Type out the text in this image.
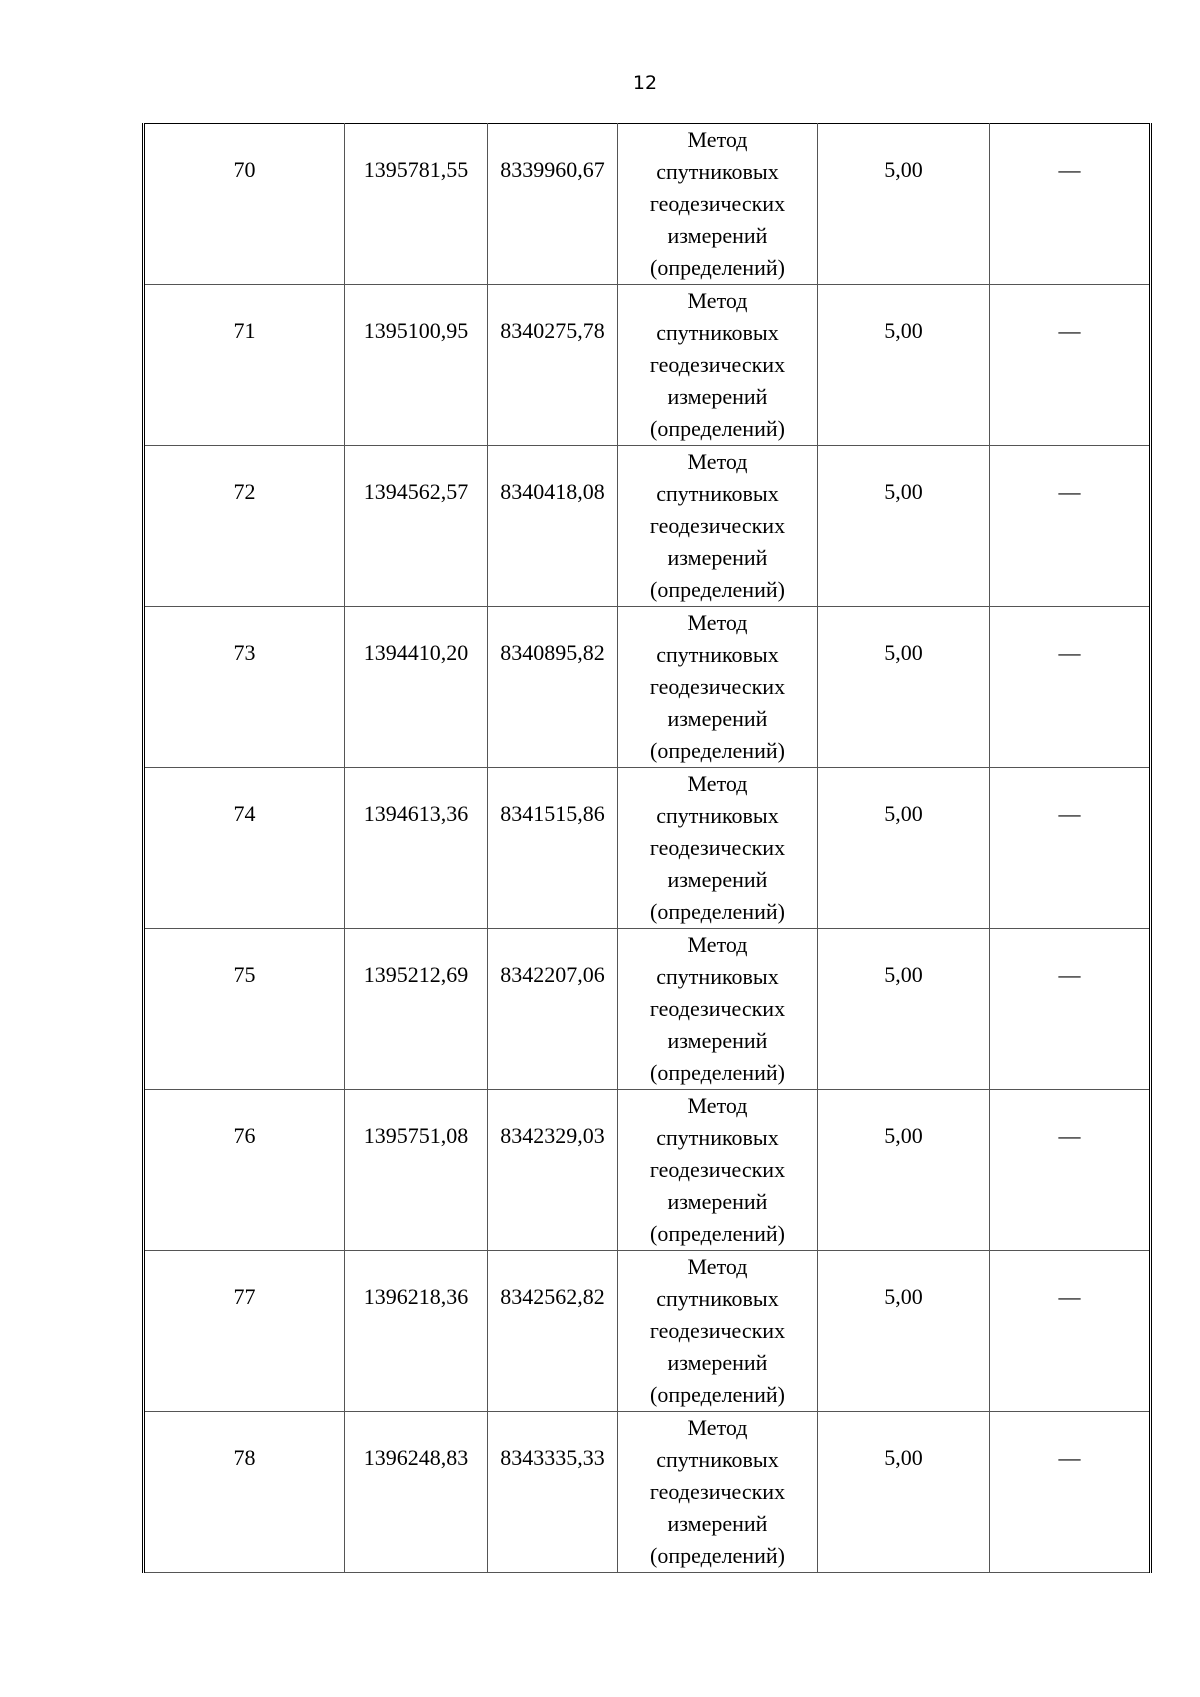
12
70	1395781,55	8339960,67	Метод
спутниковых
геодезических
измерений
(определений)	5,00	—

71	1395100,95	8340275,78	Метод
спутниковых
геодезических
измерений
(определений)	5,00	—

72	1394562,57	8340418,08	Метод
спутниковых
геодезических
измерений
(определений)	5,00	—

73	1394410,20	8340895,82	Метод
спутниковых
геодезических
измерений
(определений)	5,00	—

74	1394613,36	8341515,86	Метод
спутниковых
геодезических
измерений
(определений)	5,00	—

75	1395212,69	8342207,06	Метод
спутниковых
геодезических
измерений
(определений)	5,00	—

76	1395751,08	8342329,03	Метод
спутниковых
геодезических
измерений
(определений)	5,00	—

77	1396218,36	8342562,82	Метод
спутниковых
геодезических
измерений
(определений)	5,00	—

78	1396248,83	8343335,33	Метод
спутниковых
геодезических
измерений
(определений)	5,00	—
